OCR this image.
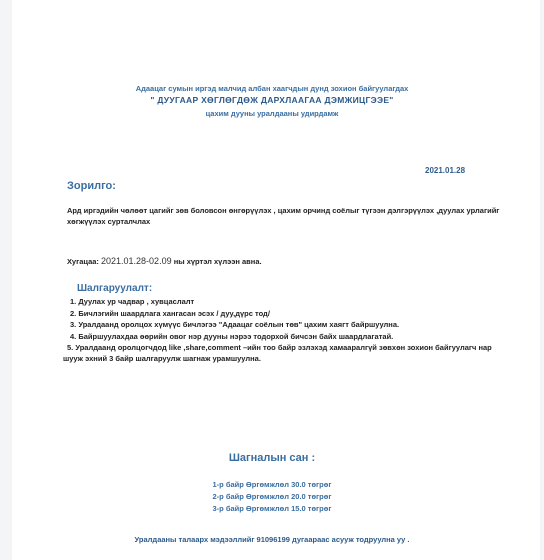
Адаацаг сумын иргэд малчид албан хаагчдын дунд зохион байгуулагдах
" ДУУГААР ХӨГЛӨГДӨЖ ДАРХЛААГАА ДЭМЖИЦГЭЭЕ"
цахим дууны уралдааны удирдамж
2021.01.28
Зорилго:
Ард иргэдийн чөлөөт цагийг зөв боловсон өнгөрүүлэх , цахим орчинд соёлыг түгээн дэлгэрүүлэх ,дуулах урлагийг хөгжүүлэх сурталчлах
Хугацаа: 2021.01.28-02.09 ны хүртэл хүлээн авна.
Шалгаруулалт:
1. Дуулах ур чадвар , хувцаслалт
2. Бичлэгийн шаардлага хангасан эсэх / дуу,дүрс тод/
3. Уралдаанд оролцох хүмүүс бичлэгээ "Адаацаг соёлын төв" цахим хаягт байршуулна.
4. Байршуулахдаа өөрийн овог нэр дууны нэрээ тодорхой бичсэн байх шаардлагатай.
5. Уралдаанд оролцогчдод like ,share,comment –ийн тоо байр эзлэхэд хамааралгүй зөвхөн зохион байгуулагч нар шууж эхний 3 байр шалгаруулж шагнаж урамшуулна.
Шагналын сан :
1-р байр Өргөмжлөл 30.0 төгрөг
2-р байр Өргөмжлөл 20.0 төгрөг
3-р байр Өргөмжлөл 15.0 төгрөг
Уралдааны талаарх мэдээллийг 91096199 дугаараас асууж тодруулна уу .
